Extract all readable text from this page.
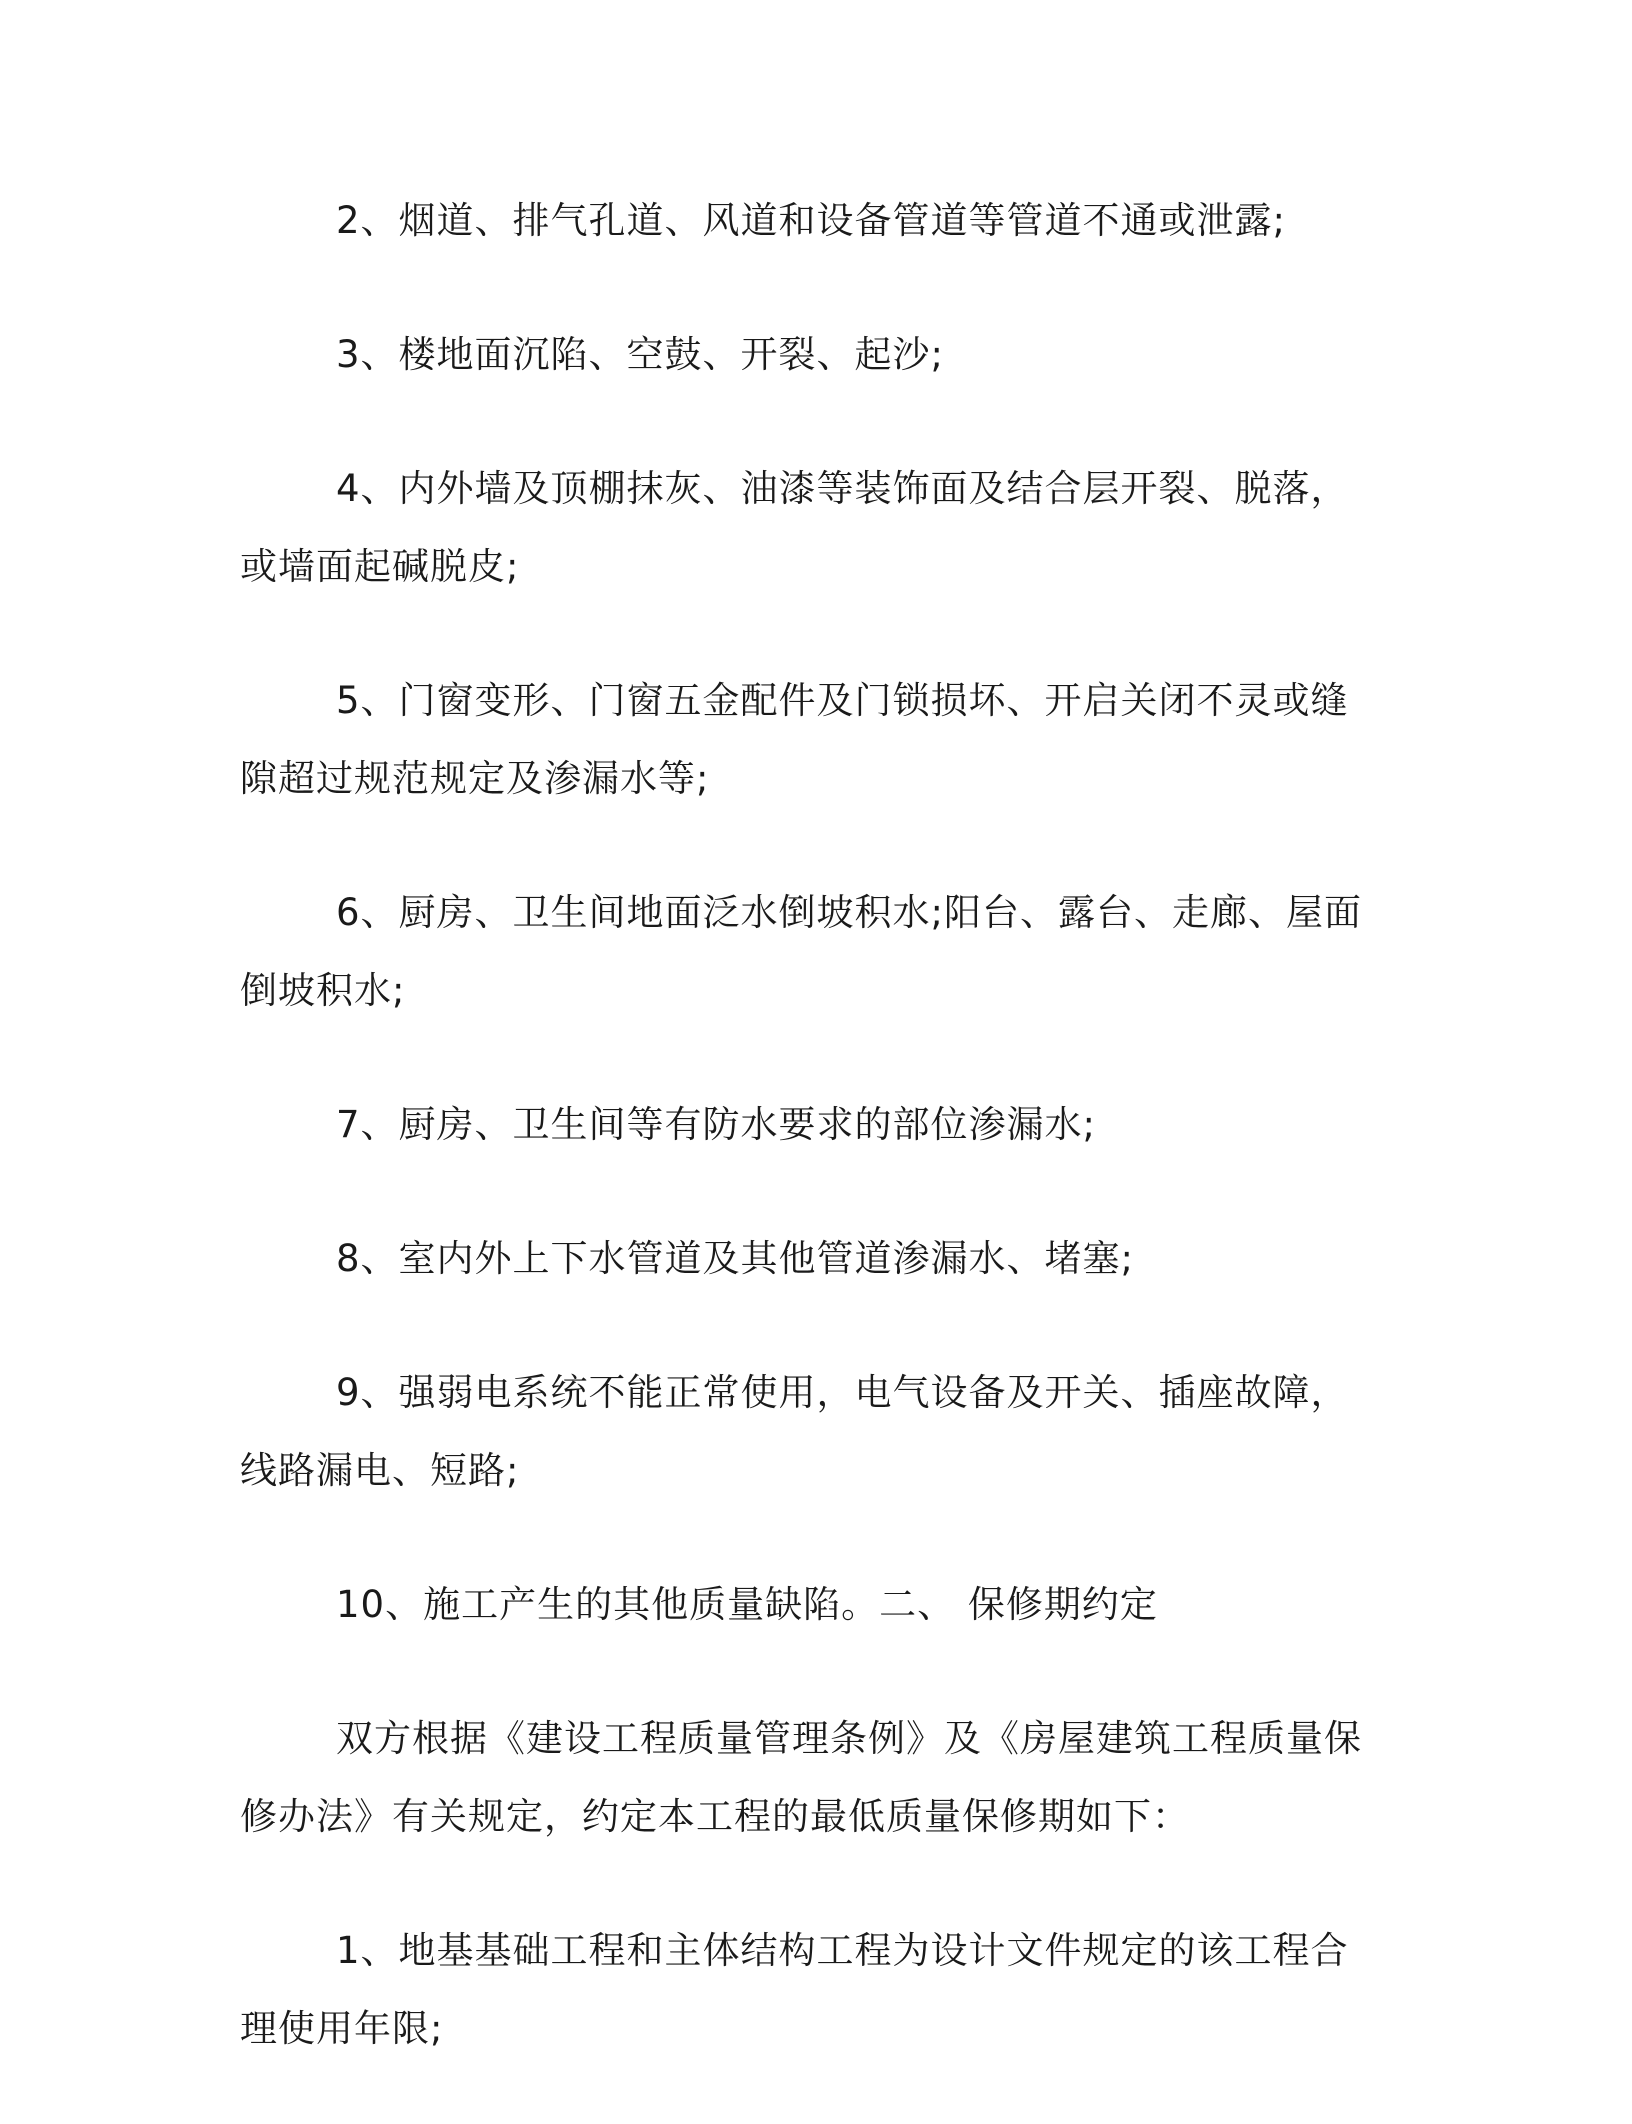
2、烟道、排气孔道、风道和设备管道等管道不通或泄露;

3、楼地面沉陷、空鼓、开裂、起沙;

4、内外墙及顶棚抹灰、油漆等装饰面及结合层开裂、脱落，或墙面起碱脱皮;

5、门窗变形、门窗五金配件及门锁损坏、开启关闭不灵或缝隙超过规范规定及渗漏水等;

6、厨房、卫生间地面泛水倒坡积水;阳台、露台、走廊、屋面倒坡积水;

7、厨房、卫生间等有防水要求的部位渗漏水;

8、室内外上下水管道及其他管道渗漏水、堵塞;

9、强弱电系统不能正常使用，电气设备及开关、插座故障，线路漏电、短路;

10、施工产生的其他质量缺陷。二、 保修期约定

双方根据《建设工程质量管理条例》及《房屋建筑工程质量保修办法》有关规定，约定本工程的最低质量保修期如下：

1、地基基础工程和主体结构工程为设计文件规定的该工程合理使用年限;
